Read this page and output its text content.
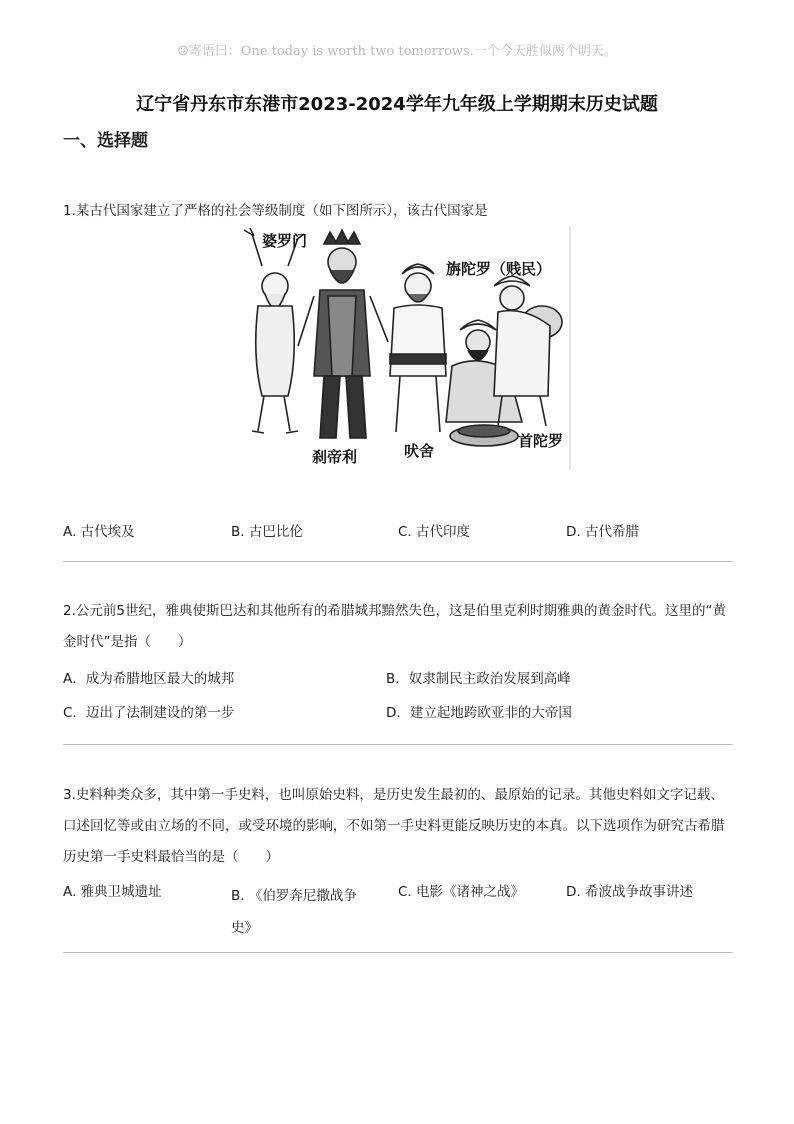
☺寄语曰：One today is worth two tomorrows.一个今天胜似两个明天。
辽宁省丹东市东港市2023-2024学年九年级上学期期末历史试题
一、选择题

1.某古代国家建立了严格的社会等级制度（如下图所示），该古代国家是

婆罗门
旃陀罗（贱民）
刹帝利	吠舍
首陀罗
A. 古代埃及	B. 古巴比伦	C. 古代印度	D. 古代希腊

2.公元前5世纪，雅典使斯巴达和其他所有的希腊城邦黯然失色，这是伯里克利时期雅典的黄金时代。这里的“黄金时代”是指（　　）

A．成为希腊地区最大的城邦	B．奴隶制民主政治发展到高峰
C．迈出了法制建设的第一步	D．建立起地跨欧亚非的大帝国

3.史料种类众多，其中第一手史料，也叫原始史料，是历史发生最初的、最原始的记录。其他史料如文字记载、口述回忆等或由立场的不同，或受环境的影响，不如第一手史料更能反映历史的本真。以下选项作为研究古希腊历史第一手史料最恰当的是（　　）

A. 雅典卫城遗址	B. 《伯罗奔尼撒战争史》
C. 电影《诸神之战》	D. 希波战争故事讲述
